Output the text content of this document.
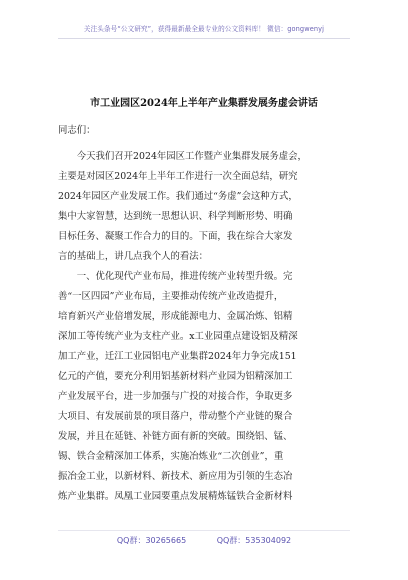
关注头条号“公文研究”，获得最新最全最专业的公文资料库！ 微信：gongwenyj
市工业园区2024年上半年产业集群发展务虚会讲话
同志们：
今天我们召开2024年园区工作暨产业集群发展务虚会，
主要是对园区2024年上半年工作进行一次全面总结，研究
2024年园区产业发展工作。我们通过“务虚”会这种方式，
集中大家智慧，达到统一思想认识、科学判断形势、明确
目标任务、凝聚工作合力的目的。下面，我在综合大家发
言的基础上，讲几点我个人的看法：
一、优化现代产业布局，推进传统产业转型升级。完
善“一区四园”产业布局，主要推动传统产业改造提升，
培育新兴产业倍增发展，形成能源电力、金属冶炼、铝精
深加工等传统产业为支柱产业。x工业园重点建设铝及精深
加工产业，迁江工业园铝电产业集群2024年力争完成151
亿元的产值，要充分利用铝基新材料产业园为铝精深加工
产业发展平台，进一步加强与广投的对接合作，争取更多
大项目、有发展前景的项目落户，带动整个产业链的聚合
发展，并且在延链、补链方面有新的突破。围绕铝、锰、
锡、铁合金精深加工体系，实施冶炼业“二次创业”，重
振冶金工业，以新材料、新技术、新应用为引领的生态冶
炼产业集群。凤凰工业园要重点发展精炼锰铁合金新材料
QQ群：30265665	QQ群：535304092
